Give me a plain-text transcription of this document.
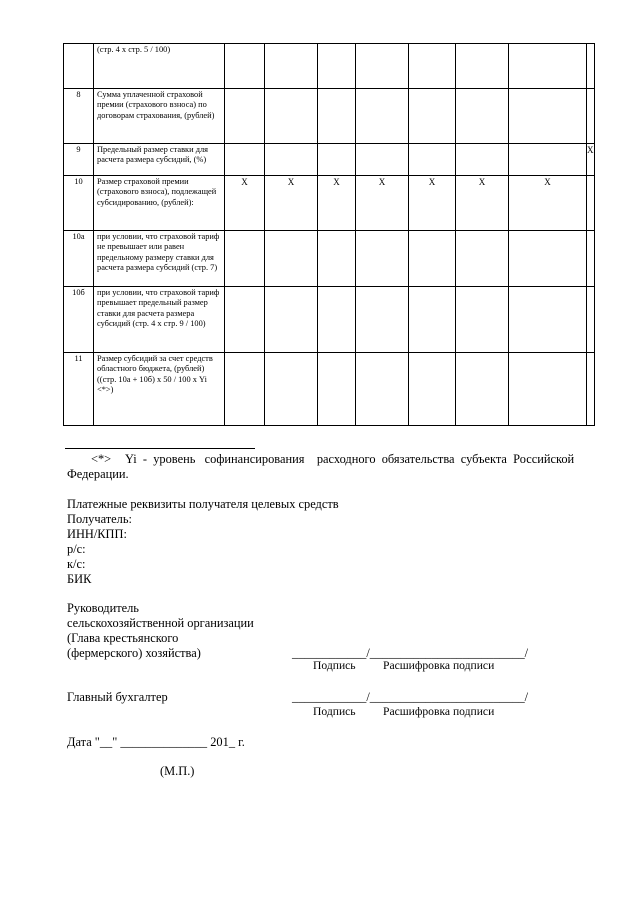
	(стр. 4 х стр. 5 / 100)								
8	Сумма уплаченной страховой премии (страхового взноса) по договорам страхования, (рублей)								
9	Предельный размер ставки для расчета размера субсидий, (%)								Х
10	Размер страховой премии (страхового взноса), подлежащей субсидированию, (рублей):	Х	Х	Х	Х	Х	Х	Х	
10а	при условии, что страховой тариф не превышает или равен предельному размеру ставки для расчета размера субсидий (стр. 7)								
10б	при условии, что страховой тариф превышает предельный размер ставки для расчета размера субсидий (стр. 4 х стр. 9 / 100)								
11	Размер субсидий за счет средств областного бюджета, (рублей) ((стр. 10а + 10б) х 50 / 100 х Yi <*>)								
<*> Yi  -  уровень   софинансирования    расходного  обязательства  субъекта  Российской
Федерации.
Платежные реквизиты получателя целевых средств
Получатель:
ИНН/КПП:
р/с:
к/с:
БИК
Руководитель
сельскохозяйственной организации
(Глава крестьянского
(фермерского) хозяйства)	____________/_________________________/
Подпись Расшифровка подписи
Главный бухгалтер	____________/_________________________/
Подпись Расшифровка подписи
Дата "__" ______________ 201_ г.
(М.П.)
